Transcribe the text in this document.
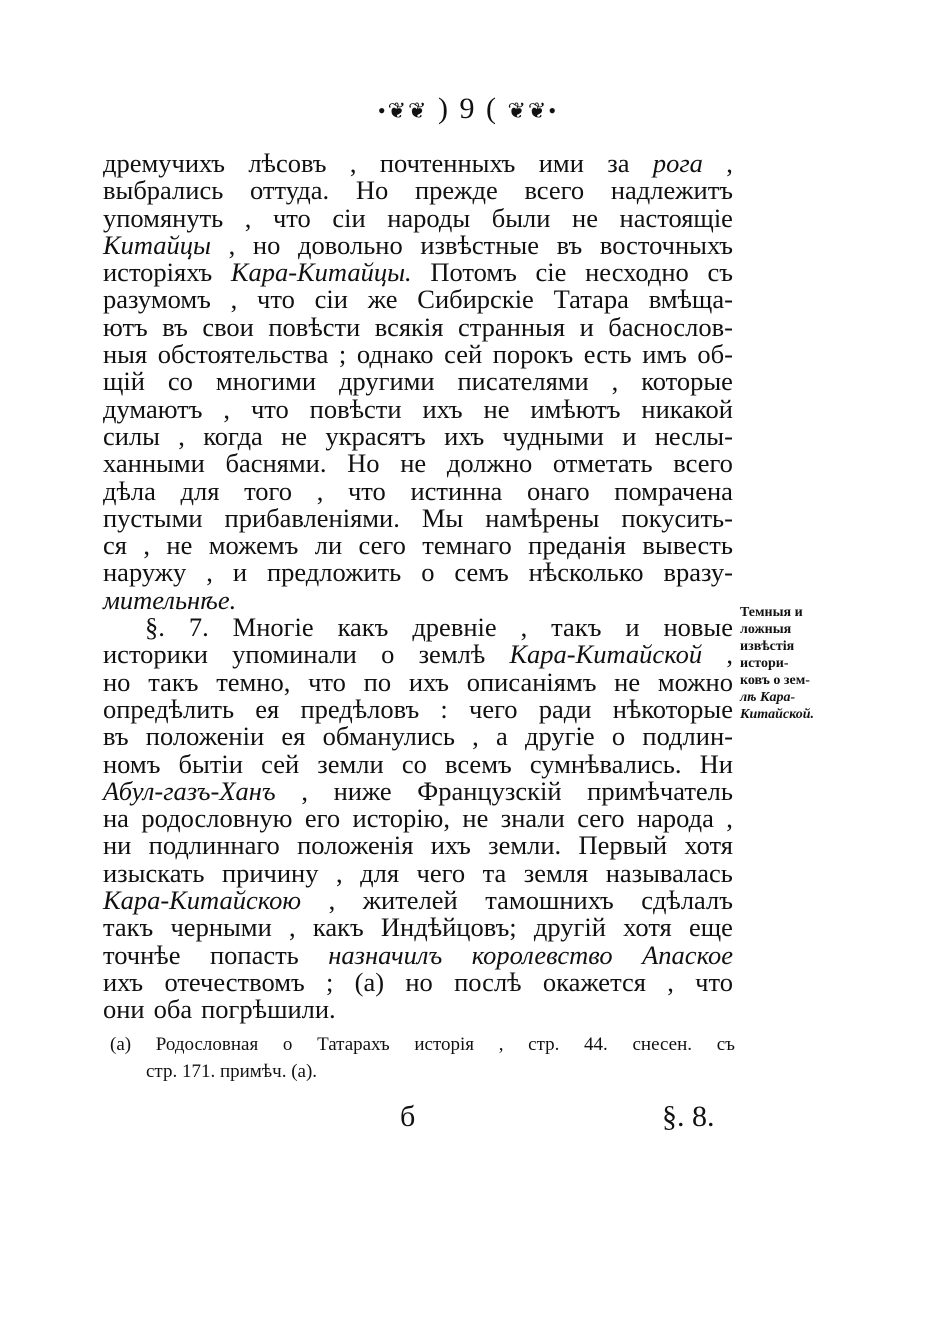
•❦❦ ) 9 ( ❦❦•
дремучихъ лѣсовъ , почтенныхъ ими за рога ,
выбрались оттуда. Но прежде всего надлежитъ
упомянуть , что сіи народы были не настоящіе
Китайцы , но довольно извѣстные въ восточныхъ
исторіяхъ Кара-Китайцы. Потомъ сіе несходно съ
разумомъ , что сіи же Сибирскіе Татара вмѣща-
ютъ въ свои повѣсти всякія странныя и баснослов-
ныя обстоятельства ; однако сей порокъ есть имъ об-
щій со многими другими писателями , которые
думаютъ , что повѣсти ихъ не имѣютъ никакой
силы , когда не украсятъ ихъ чудными и неслы-
ханными баснями. Но не должно отметать всего
дѣла для того , что истинна онаго помрачена
пустыми прибавленіями. Мы намѣрены покусить-
ся , не можемъ ли сего темнаго преданія вывесть
наружу , и предложить о семъ нѣсколько вразу-
мительнѣе.
§. 7. Многіе какъ древніе , такъ и новые
историки упоминали о землѣ Кара-Китайской ,
но такъ темно, что по ихъ описаніямъ не можно
опредѣлить ея предѣловъ : чего ради нѣкоторые
въ положеніи ея обманулись , а другіе о подлин-
номъ бытіи сей земли со всемъ сумнѣвались. Ни
Абул-газъ-Ханъ , ниже Французскій примѣчатель
на родословную его исторію, не знали сего народа ,
ни подлиннаго положенія ихъ земли. Первый хотя
изыскать причину , для чего та земля называлась
Кара-Китайскою , жителей тамошнихъ сдѣлалъ
такъ черными , какъ Индѣйцовъ; другій хотя еще
точнѣе попасть назначилъ королевство Апаское
ихъ отечествомъ ; (а) но послѣ окажется , что
они оба погрѣшили.
Темныя и
ложныя
извѣстія
истори-
ковъ о зем-
лѣ Кара-
Китайской.
(а) Родословная о Татарахъ исторія , стр. 44. снесен. съ
стр. 171. примѣч. (а).
б	§. 8.
